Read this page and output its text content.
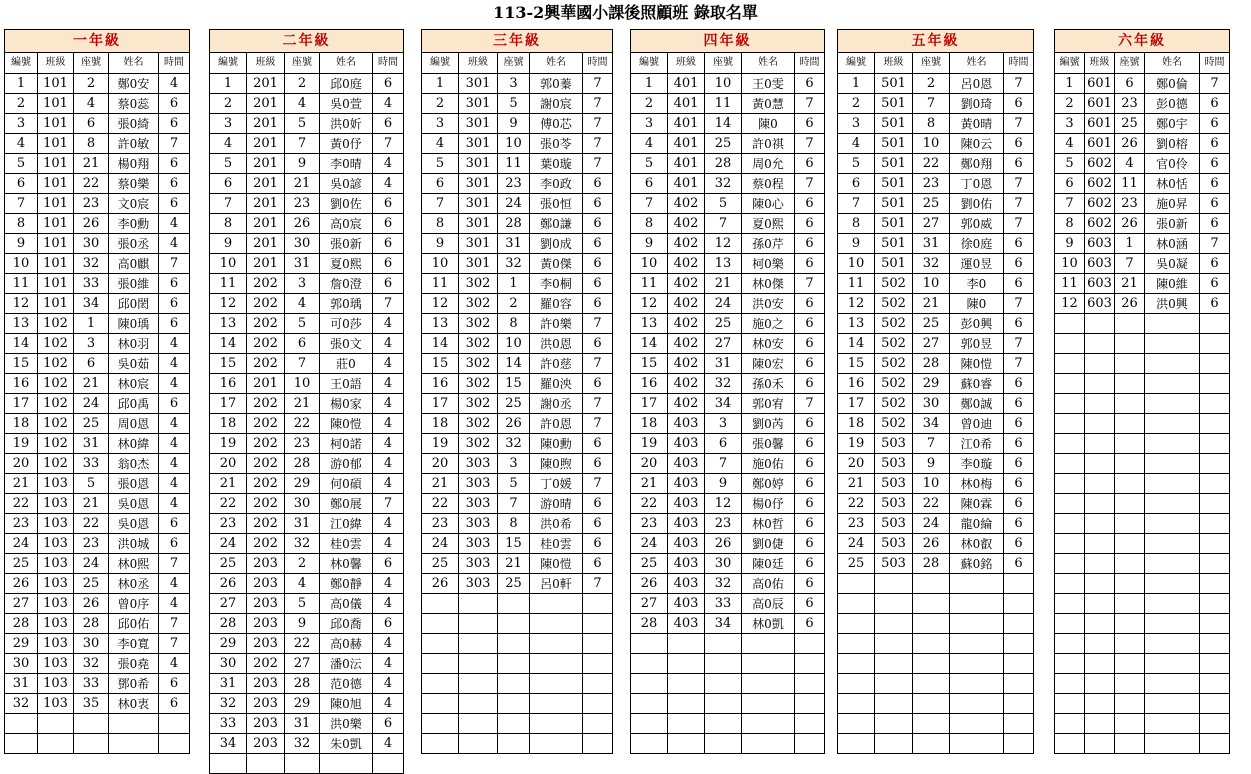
113-2興華國小課後照顧班 錄取名單
一年級				
編號	班級	座號	姓名	時間
1	101	2	鄭0安	4
2	101	4	蔡0蕊	6
3	101	6	張0綺	6
4	101	8	許0敏	7
5	101	21	楊0翔	6
6	101	22	蔡0樂	6
7	101	23	文0宸	6
8	101	26	李0勳	4
9	101	30	張0丞	4
10	101	32	高0麒	7
11	101	33	張0維	6
12	101	34	邱0閎	6
13	102	1	陳0瑀	6
14	102	3	林0羽	4
15	102	6	吳0茹	4
16	102	21	林0宸	4
17	102	24	邱0禹	6
18	102	25	周0恩	4
19	102	31	林0緯	4
20	102	33	翁0杰	4
21	103	5	張0恩	4
22	103	21	吳0恩	4
23	103	22	吳0恩	6
24	103	23	洪0城	6
25	103	24	林0熙	7
26	103	25	林0丞	4
27	103	26	曾0序	4
28	103	28	邱0佑	7
29	103	30	李0寬	7
30	103	32	張0堯	4
31	103	33	鄧0希	6
32	103	35	林0衷	6

二年級				
編號	班級	座號	姓名	時間
1	201	2	邱0庭	6
2	201	4	吳0萱	4
3	201	5	洪0妡	6
4	201	7	黃0伃	7
5	201	9	李0晴	4
6	201	21	吳0諺	4
7	201	23	劉0佐	6
8	201	26	高0宸	6
9	201	30	張0新	6
10	201	31	夏0熙	6
11	202	3	詹0澄	6
12	202	4	郭0瑀	7
13	202	5	可0莎	4
14	202	6	張0文	4
15	202	7	莊0	4
16	201	10	王0語	4
17	202	21	楊0家	4
18	202	22	陳0愷	4
19	202	23	柯0諾	4
20	202	28	游0郁	4
21	202	29	何0碩	4
22	202	30	鄭0展	7
23	202	31	江0緯	4
24	202	32	桂0雲	4
25	203	2	林0馨	6
26	203	4	鄭0靜	4
27	203	5	高0儀	4
28	203	9	邱0喬	6
29	203	22	高0赫	4
30	202	27	潘0沄	4
31	203	28	范0德	4
32	203	29	陳0旭	4
33	203	31	洪0樂	6
34	203	32	朱0凱	4

三年級				
編號	班級	座號	姓名	時間
1	301	3	郭0蓁	7
2	301	5	謝0宸	7
3	301	9	傅0芯	7
4	301	10	張0苓	7
5	301	11	葉0璇	7
6	301	23	李0政	6
7	301	24	張0恒	6
8	301	28	鄭0謙	6
9	301	31	劉0成	6
10	301	32	黃0傑	6
11	302	1	李0桐	6
12	302	2	羅0容	6
13	302	8	許0樂	7
14	302	10	洪0恩	6
15	302	14	許0慈	7
16	302	15	羅0泱	6
17	302	25	謝0丞	7
18	302	26	許0恩	7
19	302	32	陳0勳	6
20	303	3	陳0煦	6
21	303	5	丁0媛	7
22	303	7	游0晴	6
23	303	8	洪0希	6
24	303	15	桂0雲	6
25	303	21	陳0愷	6
26	303	25	呂0軒	7

四年級				
編號	班級	座號	姓名	時間
1	401	10	王0雯	6
2	401	11	黃0慧	7
3	401	14	陳0	6
4	401	25	許0祺	7
5	401	28	周0允	6
6	401	32	蔡0程	7
7	402	5	陳0心	6
8	402	7	夏0熙	6
9	402	12	孫0芹	6
10	402	13	柯0樂	6
11	402	21	林0傑	7
12	402	24	洪0安	6
13	402	25	施0之	6
14	402	27	林0安	6
15	402	31	陳0宏	6
16	402	32	孫0禾	6
17	402	34	郭0宥	7
18	403	3	劉0芮	6
19	403	6	張0馨	6
20	403	7	施0佑	6
21	403	9	鄭0婷	6
22	403	12	楊0伃	6
23	403	23	林0哲	6
24	403	26	劉0倢	6
25	403	30	陳0廷	6
26	403	32	高0佑	6
27	403	33	高0辰	6
28	403	34	林0凱	6

五年級				
編號	班級	座號	姓名	時間
1	501	2	呂0恩	7
2	501	7	劉0琦	6
3	501	8	黃0晴	7
4	501	10	陳0云	6
5	501	22	鄭0翔	6
6	501	23	丁0恩	7
7	501	25	劉0佑	7
8	501	27	郭0威	7
9	501	31	徐0庭	6
10	501	32	運0昱	6
11	502	10	李0	6
12	502	21	陳0	7
13	502	25	彭0興	6
14	502	27	郭0昱	7
15	502	28	陳0愷	7
16	502	29	蘇0睿	6
17	502	30	鄭0誠	6
18	502	34	曾0迪	6
19	503	7	江0希	6
20	503	9	李0璇	6
21	503	10	林0梅	6
22	503	22	陳0霖	6
23	503	24	龍0綸	6
24	503	26	林0叡	6
25	503	28	蘇0銘	6

六年級				
編號	班級	座號	姓名	時間
1	601	6	鄭0倫	7
2	601	23	彭0德	6
3	601	25	鄭0宇	6
4	601	26	劉0榕	6
5	602	4	官0伶	6
6	602	11	林0恬	6
7	602	23	施0昇	6
8	602	26	張0新	6
9	603	1	林0涵	7
10	603	7	吳0凝	6
11	603	21	陳0維	6
12	603	26	洪0興	6
